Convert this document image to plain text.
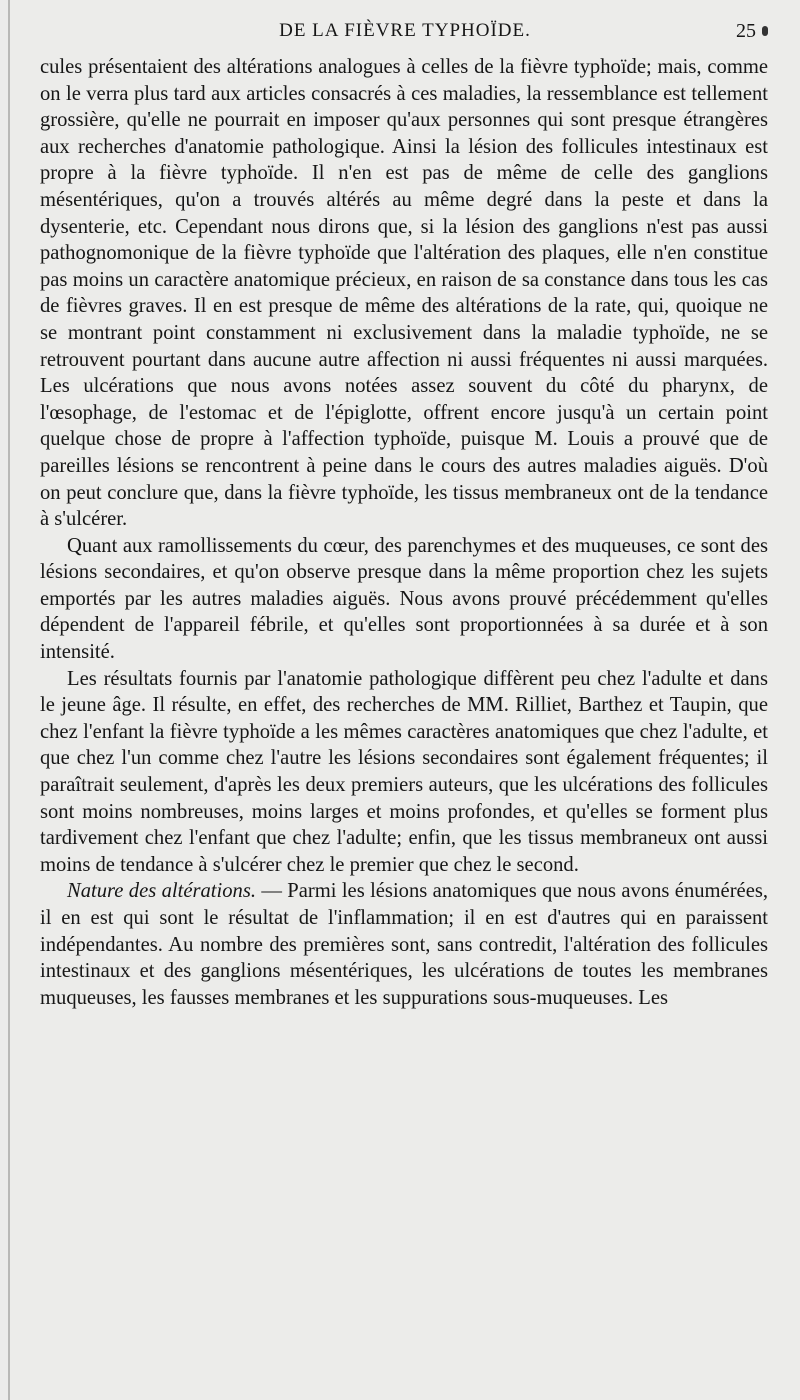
DE LA FIÈVRE TYPHOÏDE.	25

cules présentaient des altérations analogues à celles de la fièvre typhoïde; mais, comme on le verra plus tard aux articles consacrés à ces maladies, la ressemblance est tellement grossière, qu'elle ne pourrait en imposer qu'aux personnes qui sont presque étrangères aux recherches d'anatomie pathologique. Ainsi la lésion des follicules intestinaux est propre à la fièvre typhoïde. Il n'en est pas de même de celle des ganglions mésentériques, qu'on a trouvés altérés au même degré dans la peste et dans la dysenterie, etc. Cependant nous dirons que, si la lésion des ganglions n'est pas aussi pathognomonique de la fièvre typhoïde que l'altération des plaques, elle n'en constitue pas moins un caractère anatomique précieux, en raison de sa constance dans tous les cas de fièvres graves. Il en est presque de même des altérations de la rate, qui, quoique ne se montrant point constamment ni exclusivement dans la maladie typhoïde, ne se retrouvent pourtant dans aucune autre affection ni aussi fréquentes ni aussi marquées. Les ulcérations que nous avons notées assez souvent du côté du pharynx, de l'œsophage, de l'estomac et de l'épiglotte, offrent encore jusqu'à un certain point quelque chose de propre à l'affection typhoïde, puisque M. Louis a prouvé que de pareilles lésions se rencontrent à peine dans le cours des autres maladies aiguës. D'où on peut conclure que, dans la fièvre typhoïde, les tissus membraneux ont de la tendance à s'ulcérer.

Quant aux ramollissements du cœur, des parenchymes et des muqueuses, ce sont des lésions secondaires, et qu'on observe presque dans la même proportion chez les sujets emportés par les autres maladies aiguës. Nous avons prouvé précédemment qu'elles dépendent de l'appareil fébrile, et qu'elles sont proportionnées à sa durée et à son intensité.

Les résultats fournis par l'anatomie pathologique diffèrent peu chez l'adulte et dans le jeune âge. Il résulte, en effet, des recherches de MM. Rilliet, Barthez et Taupin, que chez l'enfant la fièvre typhoïde a les mêmes caractères anatomiques que chez l'adulte, et que chez l'un comme chez l'autre les lésions secondaires sont également fréquentes; il paraîtrait seulement, d'après les deux premiers auteurs, que les ulcérations des follicules sont moins nombreuses, moins larges et moins profondes, et qu'elles se forment plus tardivement chez l'enfant que chez l'adulte; enfin, que les tissus membraneux ont aussi moins de tendance à s'ulcérer chez le premier que chez le second.

Nature des altérations. — Parmi les lésions anatomiques que nous avons énumérées, il en est qui sont le résultat de l'inflammation; il en est d'autres qui en paraissent indépendantes. Au nombre des premières sont, sans contredit, l'altération des follicules intestinaux et des ganglions mésentériques, les ulcérations de toutes les membranes muqueuses, les fausses membranes et les suppurations sous-muqueuses. Les
